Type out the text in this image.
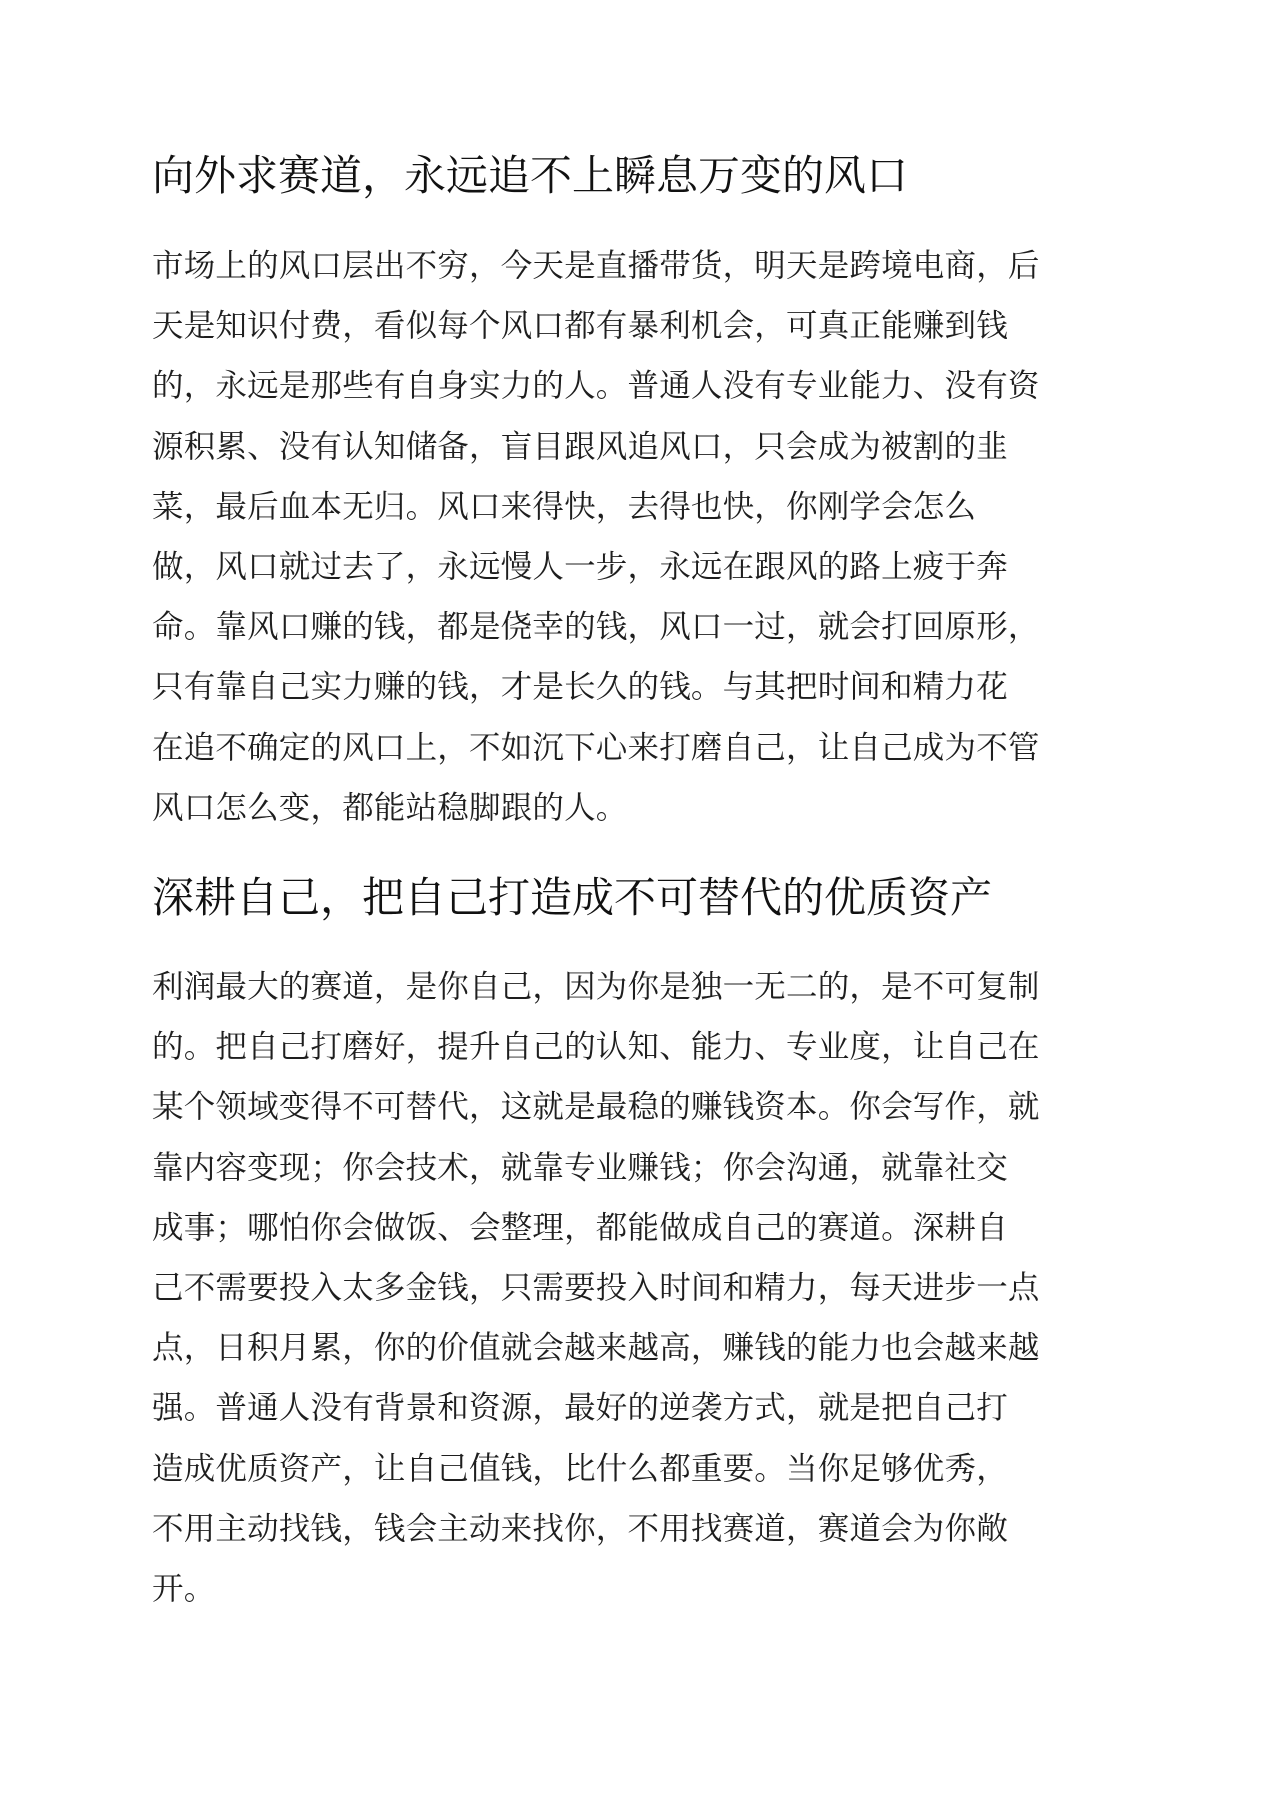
向外求赛道，永远追不上瞬息万变的风口
市场上的风口层出不穷，今天是直播带货，明天是跨境电商，后
天是知识付费，看似每个风口都有暴利机会，可真正能赚到钱
的，永远是那些有自身实力的人。普通人没有专业能力、没有资
源积累、没有认知储备，盲目跟风追风口，只会成为被割的韭
菜，最后血本无归。风口来得快，去得也快，你刚学会怎么
做，风口就过去了，永远慢人一步，永远在跟风的路上疲于奔
命。靠风口赚的钱，都是侥幸的钱，风口一过，就会打回原形，
只有靠自己实力赚的钱，才是长久的钱。与其把时间和精力花
在追不确定的风口上，不如沉下心来打磨自己，让自己成为不管
风口怎么变，都能站稳脚跟的人。
深耕自己，把自己打造成不可替代的优质资产
利润最大的赛道，是你自己，因为你是独一无二的，是不可复制
的。把自己打磨好，提升自己的认知、能力、专业度，让自己在
某个领域变得不可替代，这就是最稳的赚钱资本。你会写作，就
靠内容变现；你会技术，就靠专业赚钱；你会沟通，就靠社交
成事；哪怕你会做饭、会整理，都能做成自己的赛道。深耕自
己不需要投入太多金钱，只需要投入时间和精力，每天进步一点
点，日积月累，你的价值就会越来越高，赚钱的能力也会越来越
强。普通人没有背景和资源，最好的逆袭方式，就是把自己打
造成优质资产，让自己值钱，比什么都重要。当你足够优秀，
不用主动找钱，钱会主动来找你，不用找赛道，赛道会为你敞
开。
